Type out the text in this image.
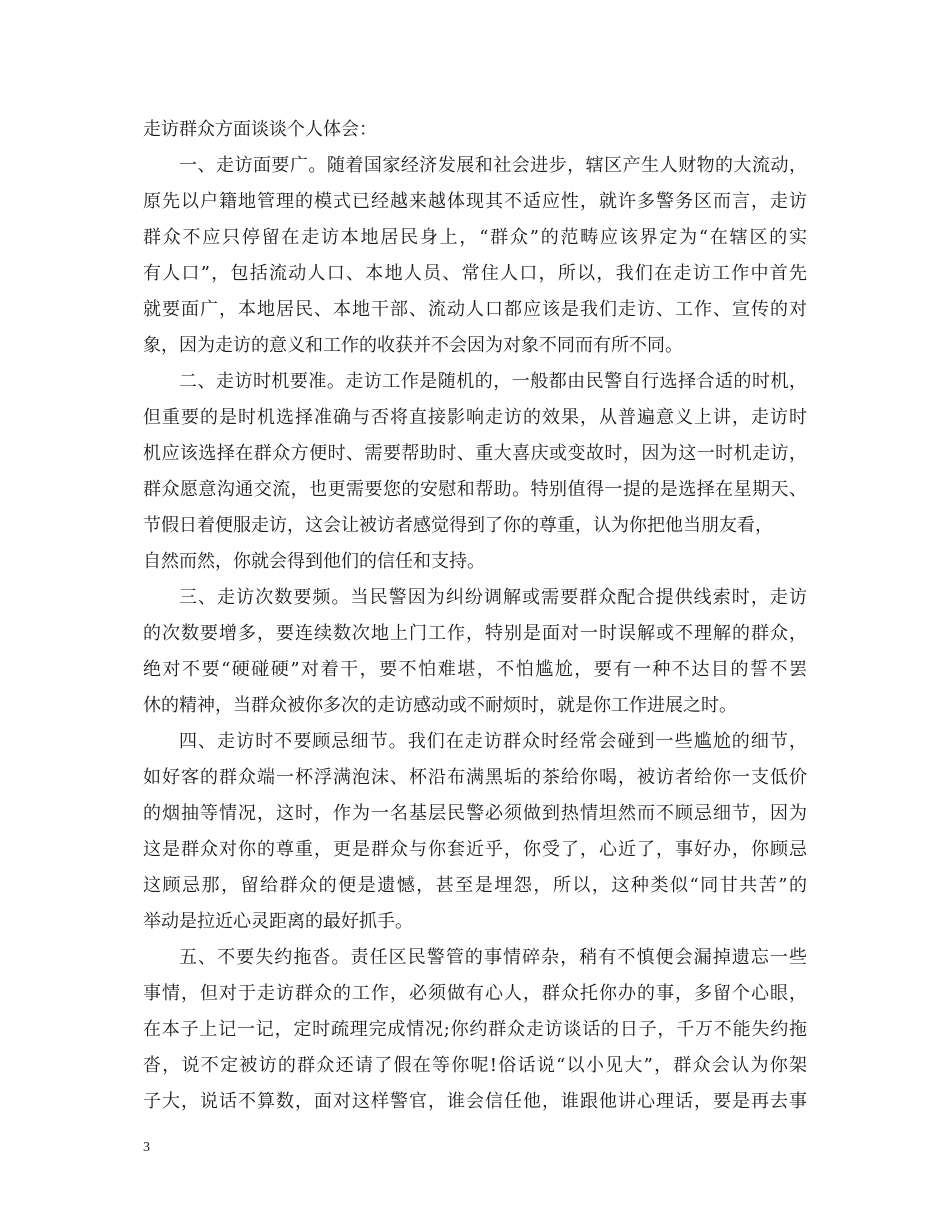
走访群众方面谈谈个人体会：
一、走访面要广。随着国家经济发展和社会进步，辖区产生人财物的大流动，
原先以户籍地管理的模式已经越来越体现其不适应性，就许多警务区而言，走访
群众不应只停留在走访本地居民身上，“群众”的范畴应该界定为“在辖区的实
有人口”，包括流动人口、本地人员、常住人口，所以，我们在走访工作中首先
就要面广，本地居民、本地干部、流动人口都应该是我们走访、工作、宣传的对
象，因为走访的意义和工作的收获并不会因为对象不同而有所不同。
二、走访时机要准。走访工作是随机的，一般都由民警自行选择合适的时机，
但重要的是时机选择准确与否将直接影响走访的效果，从普遍意义上讲，走访时
机应该选择在群众方便时、需要帮助时、重大喜庆或变故时，因为这一时机走访，
群众愿意沟通交流，也更需要您的安慰和帮助。特别值得一提的是选择在星期天、
节假日着便服走访，这会让被访者感觉得到了你的尊重，认为你把他当朋友看，
自然而然，你就会得到他们的信任和支持。
三、走访次数要频。当民警因为纠纷调解或需要群众配合提供线索时，走访
的次数要增多，要连续数次地上门工作，特别是面对一时误解或不理解的群众，
绝对不要“硬碰硬”对着干，要不怕难堪，不怕尴尬，要有一种不达目的誓不罢
休的精神，当群众被你多次的走访感动或不耐烦时，就是你工作进展之时。
四、走访时不要顾忌细节。我们在走访群众时经常会碰到一些尴尬的细节，
如好客的群众端一杯浮满泡沫、杯沿布满黑垢的茶给你喝，被访者给你一支低价
的烟抽等情况，这时，作为一名基层民警必须做到热情坦然而不顾忌细节，因为
这是群众对你的尊重，更是群众与你套近乎，你受了，心近了，事好办，你顾忌
这顾忌那，留给群众的便是遗憾，甚至是埋怨，所以，这种类似“同甘共苦”的
举动是拉近心灵距离的最好抓手。
五、不要失约拖沓。责任区民警管的事情碎杂，稍有不慎便会漏掉遗忘一些
事情，但对于走访群众的工作，必须做有心人，群众托你办的事，多留个心眼，
在本子上记一记，定时疏理完成情况;你约群众走访谈话的日子，千万不能失约拖
沓，说不定被访的群众还请了假在等你呢!俗话说“以小见大”，群众会认为你架
子大，说话不算数，面对这样警官，谁会信任他，谁跟他讲心理话，要是再去事
3
